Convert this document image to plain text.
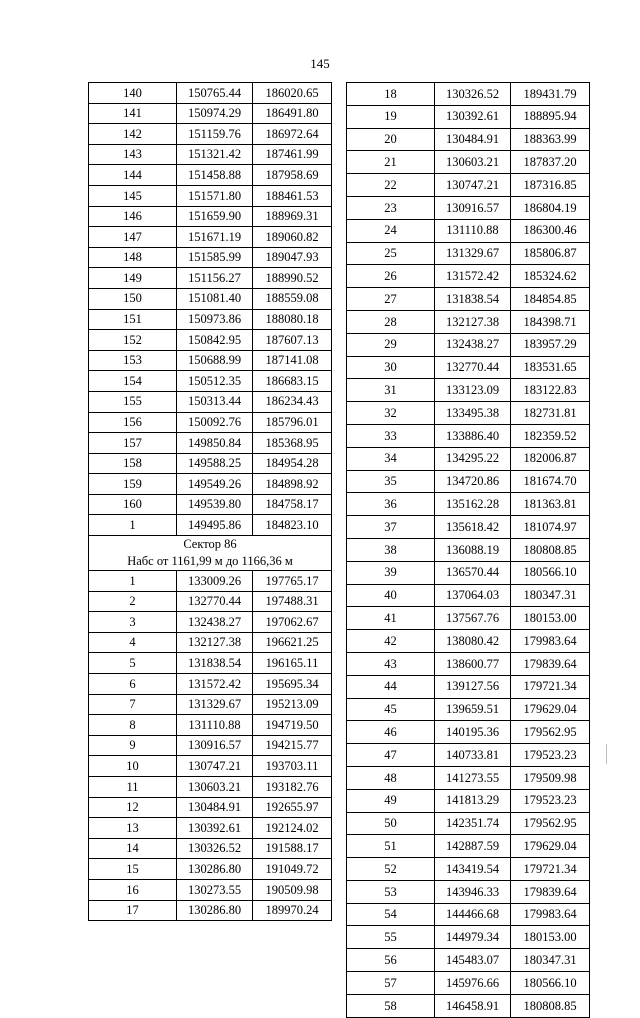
145
140	150765.44	186020.65
141	150974.29	186491.80
142	151159.76	186972.64
143	151321.42	187461.99
144	151458.88	187958.69
145	151571.80	188461.53
146	151659.90	188969.31
147	151671.19	189060.82
148	151585.99	189047.93
149	151156.27	188990.52
150	151081.40	188559.08
151	150973.86	188080.18
152	150842.95	187607.13
153	150688.99	187141.08
154	150512.35	186683.15
155	150313.44	186234.43
156	150092.76	185796.01
157	149850.84	185368.95
158	149588.25	184954.28
159	149549.26	184898.92
160	149539.80	184758.17
1	149495.86	184823.10
Сектор 86		
Набс от 1161,99 м до 1166,36 м		
1	133009.26	197765.17
2	132770.44	197488.31
3	132438.27	197062.67
4	132127.38	196621.25
5	131838.54	196165.11
6	131572.42	195695.34
7	131329.67	195213.09
8	131110.88	194719.50
9	130916.57	194215.77
10	130747.21	193703.11
11	130603.21	193182.76
12	130484.91	192655.97
13	130392.61	192124.02
14	130326.52	191588.17
15	130286.80	191049.72
16	130273.55	190509.98
17	130286.80	189970.24
18	130326.52	189431.79
19	130392.61	188895.94
20	130484.91	188363.99
21	130603.21	187837.20
22	130747.21	187316.85
23	130916.57	186804.19
24	131110.88	186300.46
25	131329.67	185806.87
26	131572.42	185324.62
27	131838.54	184854.85
28	132127.38	184398.71
29	132438.27	183957.29
30	132770.44	183531.65
31	133123.09	183122.83
32	133495.38	182731.81
33	133886.40	182359.52
34	134295.22	182006.87
35	134720.86	181674.70
36	135162.28	181363.81
37	135618.42	181074.97
38	136088.19	180808.85
39	136570.44	180566.10
40	137064.03	180347.31
41	137567.76	180153.00
42	138080.42	179983.64
43	138600.77	179839.64
44	139127.56	179721.34
45	139659.51	179629.04
46	140195.36	179562.95
47	140733.81	179523.23
48	141273.55	179509.98
49	141813.29	179523.23
50	142351.74	179562.95
51	142887.59	179629.04
52	143419.54	179721.34
53	143946.33	179839.64
54	144466.68	179983.64
55	144979.34	180153.00
56	145483.07	180347.31
57	145976.66	180566.10
58	146458.91	180808.85
